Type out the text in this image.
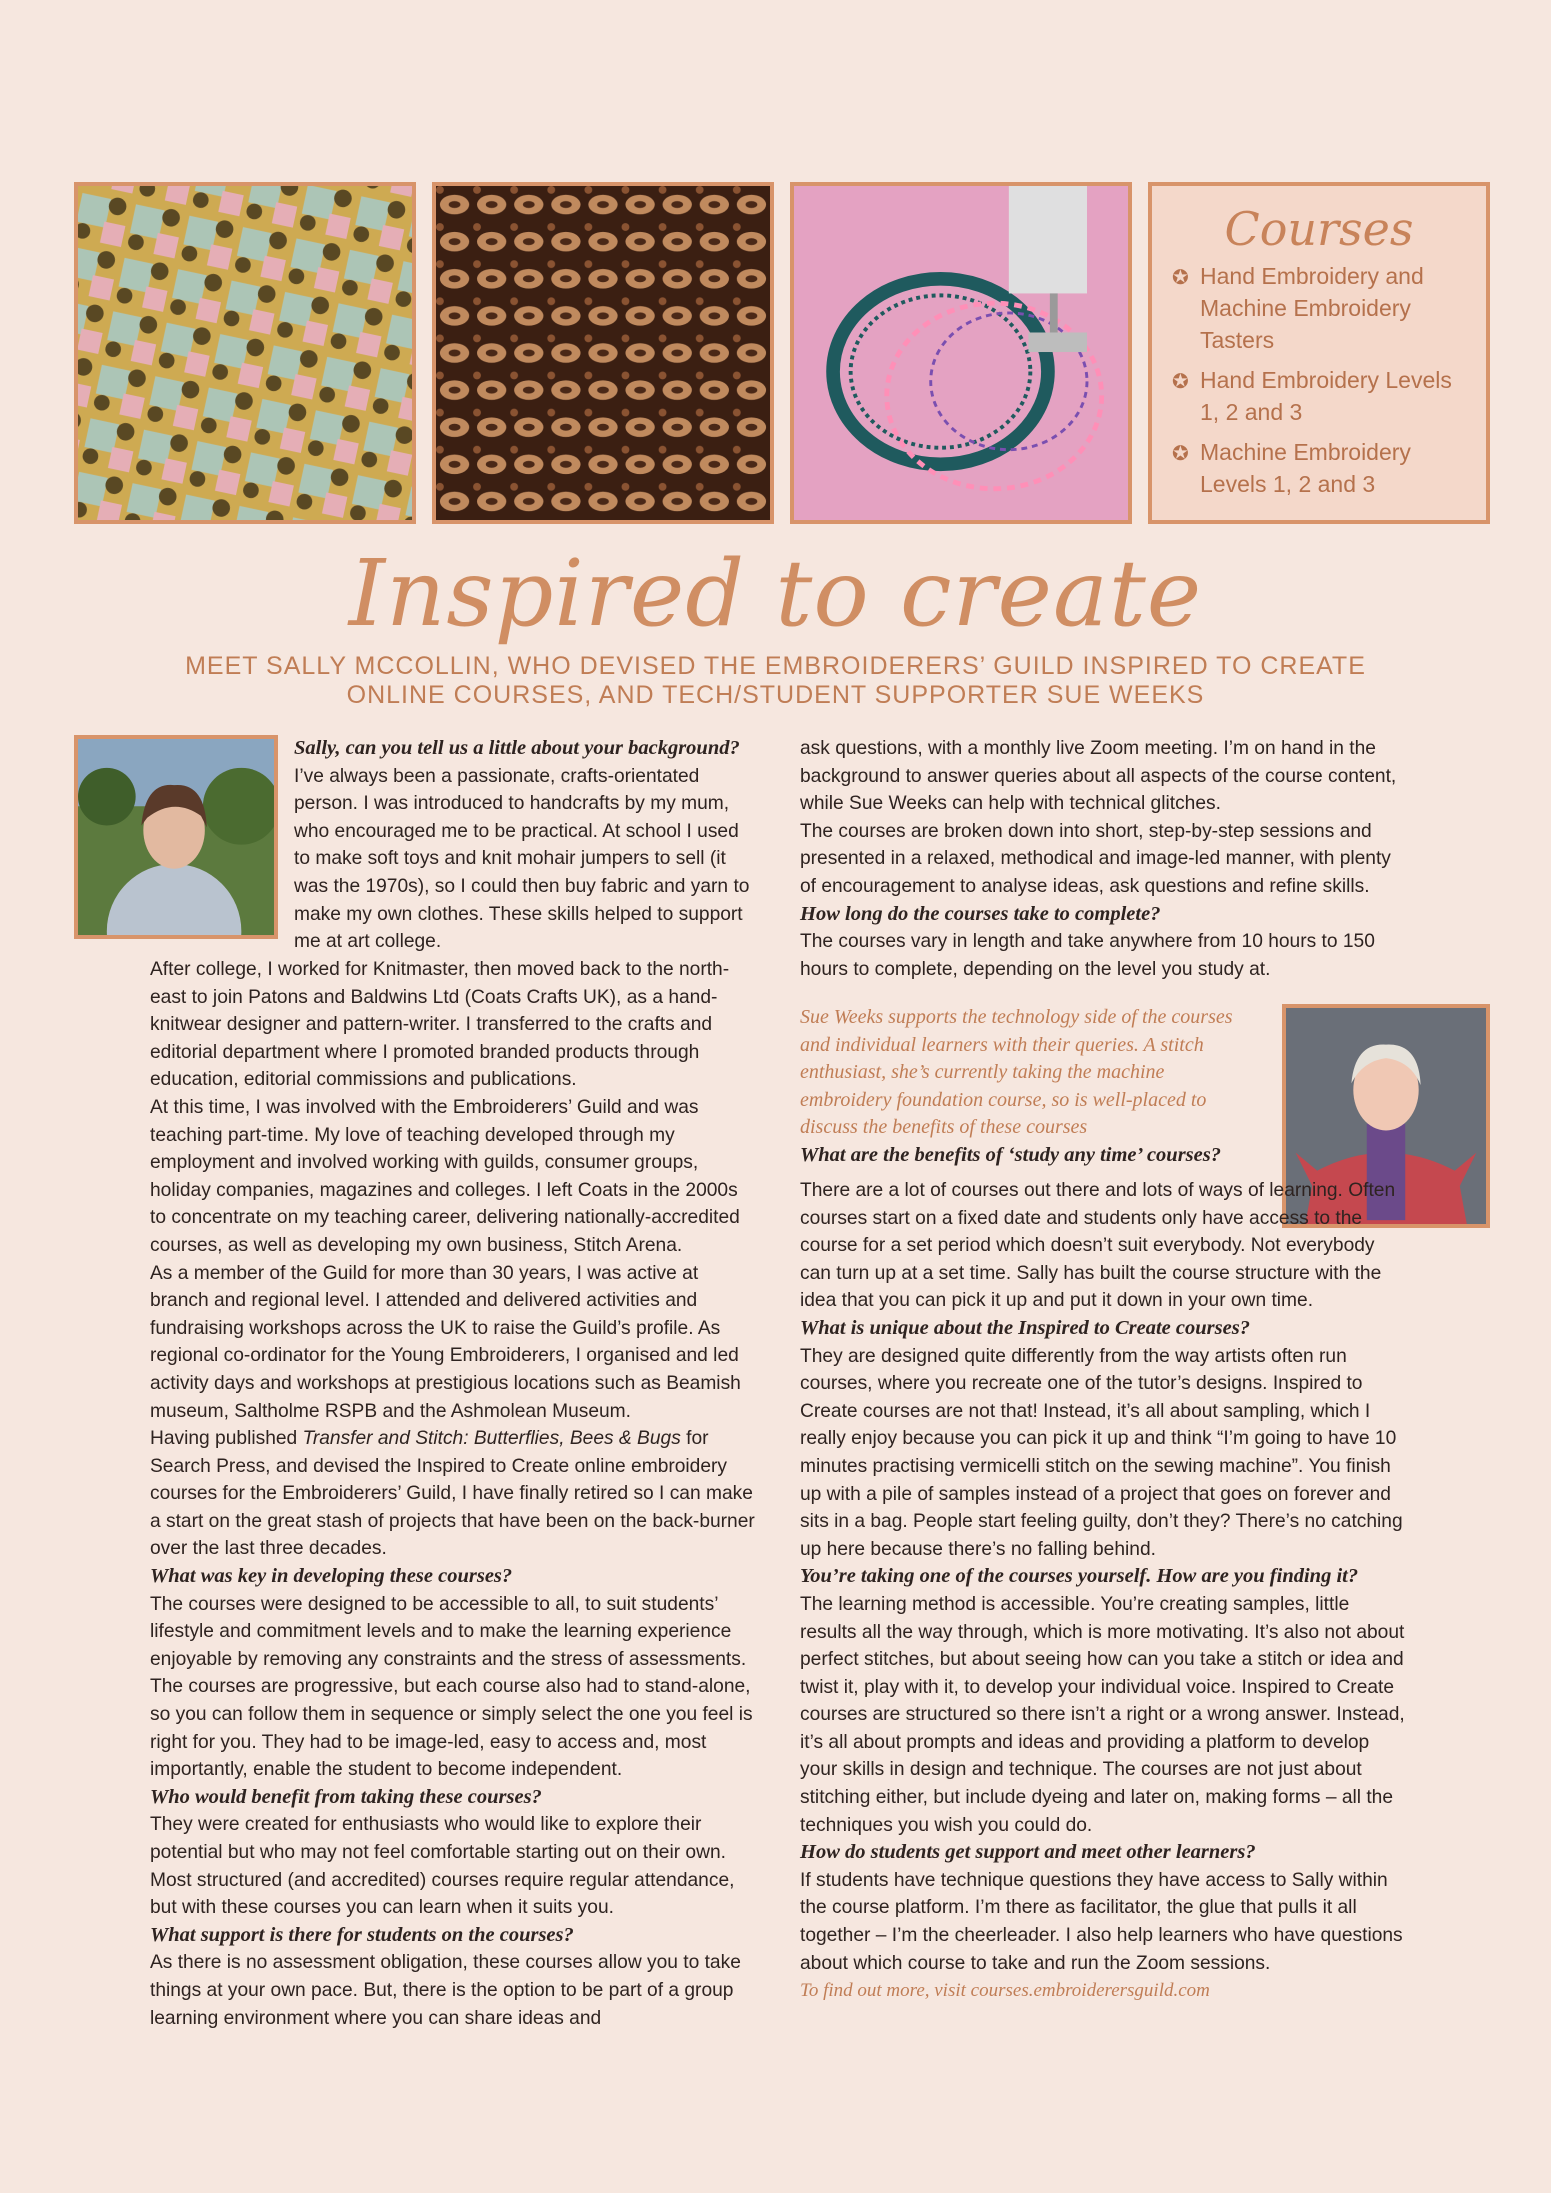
Courses
✪ Hand Embroidery and Machine Embroidery Tasters
✪ Hand Embroidery Levels 1, 2 and 3
✪ Machine Embroidery Levels 1, 2 and 3
Inspired to create
MEET SALLY MCCOLLIN, WHO DEVISED THE EMBROIDERERS’ GUILD INSPIRED TO CREATE ONLINE COURSES, AND TECH/STUDENT SUPPORTER SUE WEEKS

Sally, can you tell us a little about your background?

I’ve always been a passionate, crafts-orientated person. I was introduced to handcrafts by my mum, who encouraged me to be practical. At school I used to make soft toys and knit mohair jumpers to sell (it was the 1970s), so I could then buy fabric and yarn to make my own clothes. These skills helped to support me at art college.

After college, I worked for Knitmaster, then moved back to the north-east to join Patons and Baldwins Ltd (Coats Crafts UK), as a hand-knitwear designer and pattern-writer. I transferred to the crafts and editorial department where I promoted branded products through education, editorial commissions and publications.

At this time, I was involved with the Embroiderers’ Guild and was teaching part-time. My love of teaching developed through my employment and involved working with guilds, consumer groups, holiday companies, magazines and colleges. I left Coats in the 2000s to concentrate on my teaching career, delivering nationally-accredited courses, as well as developing my own business, Stitch Arena.

As a member of the Guild for more than 30 years, I was active at branch and regional level. I attended and delivered activities and fundraising workshops across the UK to raise the Guild’s profile. As regional co-ordinator for the Young Embroiderers, I organised and led activity days and workshops at prestigious locations such as Beamish museum, Saltholme RSPB and the Ashmolean Museum.

Having published Transfer and Stitch: Butterflies, Bees & Bugs for Search Press, and devised the Inspired to Create online embroidery courses for the Embroiderers’ Guild, I have finally retired so I can make a start on the great stash of projects that have been on the back-burner over the last three decades.

What was key in developing these courses?

The courses were designed to be accessible to all, to suit students’ lifestyle and commitment levels and to make the learning experience enjoyable by removing any constraints and the stress of assessments. The courses are progressive, but each course also had to stand-alone, so you can follow them in sequence or simply select the one you feel is right for you. They had to be image-led, easy to access and, most importantly, enable the student to become independent.

Who would benefit from taking these courses?

They were created for enthusiasts who would like to explore their potential but who may not feel comfortable starting out on their own. Most structured (and accredited) courses require regular attendance, but with these courses you can learn when it suits you.

What support is there for students on the courses?

As there is no assessment obligation, these courses allow you to take things at your own pace. But, there is the option to be part of a group learning environment where you can share ideas and

ask questions, with a monthly live Zoom meeting. I’m on hand in the background to answer queries about all aspects of the course content, while Sue Weeks can help with technical glitches.

The courses are broken down into short, step-by-step sessions and presented in a relaxed, methodical and image-led manner, with plenty of encouragement to analyse ideas, ask questions and refine skills.

How long do the courses take to complete?

The courses vary in length and take anywhere from 10 hours to 150 hours to complete, depending on the level you study at.

Sue Weeks supports the technology side of the courses and individual learners with their queries. A stitch enthusiast, she’s currently taking the machine embroidery foundation course, so is well-placed to discuss the benefits of these courses

What are the benefits of ‘study any time’ courses?

There are a lot of courses out there and lots of ways of learning. Often courses start on a fixed date and students only have access to the course for a set period which doesn’t suit everybody. Not everybody can turn up at a set time. Sally has built the course structure with the idea that you can pick it up and put it down in your own time.

What is unique about the Inspired to Create courses?

They are designed quite differently from the way artists often run courses, where you recreate one of the tutor’s designs. Inspired to Create courses are not that! Instead, it’s all about sampling, which I really enjoy because you can pick it up and think “I’m going to have 10 minutes practising vermicelli stitch on the sewing machine”. You finish up with a pile of samples instead of a project that goes on forever and sits in a bag. People start feeling guilty, don’t they? There’s no catching up here because there’s no falling behind.

You’re taking one of the courses yourself. How are you finding it?

The learning method is accessible. You’re creating samples, little results all the way through, which is more motivating. It’s also not about perfect stitches, but about seeing how can you take a stitch or idea and twist it, play with it, to develop your individual voice. Inspired to Create courses are structured so there isn’t a right or a wrong answer. Instead, it’s all about prompts and ideas and providing a platform to develop your skills in design and technique. The courses are not just about stitching either, but include dyeing and later on, making forms – all the techniques you wish you could do.

How do students get support and meet other learners?

If students have technique questions they have access to Sally within the course platform. I’m there as facilitator, the glue that pulls it all together – I’m the cheerleader. I also help learners who have questions about which course to take and run the Zoom sessions.

To find out more, visit courses.embroiderersguild.com
